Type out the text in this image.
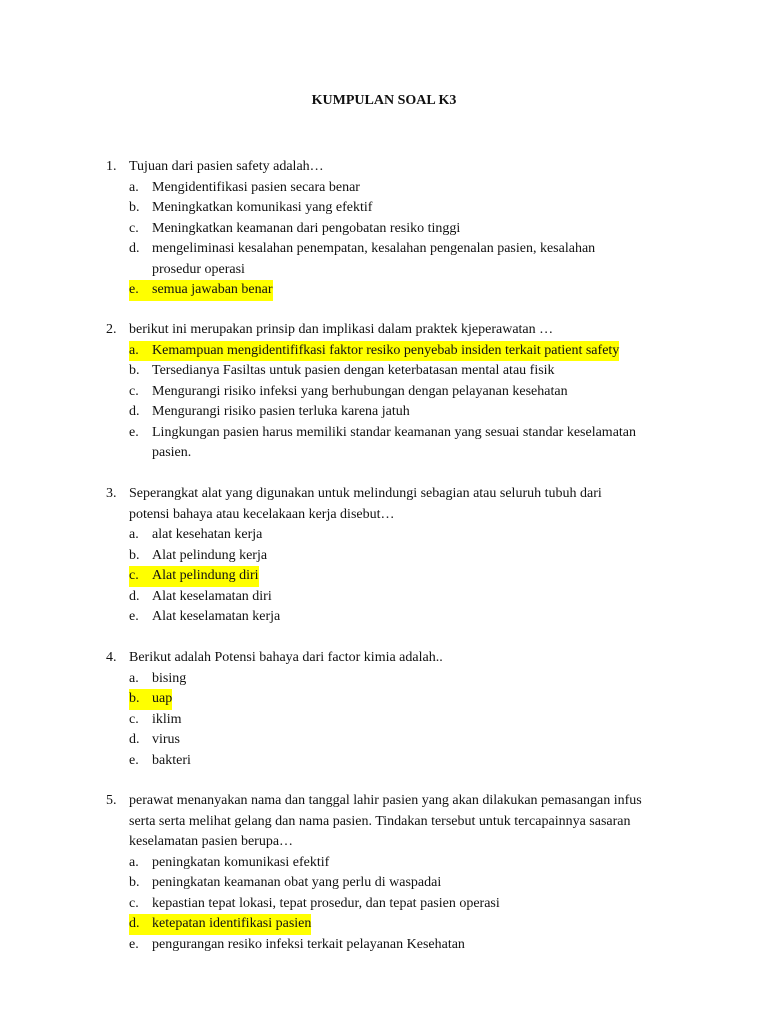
KUMPULAN SOAL K3
1. Tujuan dari pasien safety adalah…
a. Mengidentifikasi pasien secara benar
b. Meningkatkan komunikasi yang efektif
c. Meningkatkan keamanan dari pengobatan resiko tinggi
d. mengeliminasi kesalahan penempatan, kesalahan pengenalan pasien, kesalahan
prosedur operasi
e. semua jawaban benar
2. berikut ini merupakan prinsip dan implikasi dalam praktek kjeperawatan …
a. Kemampuan mengidentififkasi faktor resiko penyebab insiden terkait patient safety
b. Tersedianya Fasiltas untuk pasien dengan keterbatasan mental atau fisik
c. Mengurangi risiko infeksi yang berhubungan dengan pelayanan kesehatan
d. Mengurangi risiko pasien terluka karena jatuh
e. Lingkungan pasien harus memiliki standar keamanan yang sesuai standar keselamatan
pasien.
3. Seperangkat alat yang digunakan untuk melindungi sebagian atau seluruh tubuh dari
potensi bahaya atau kecelakaan kerja disebut…
a. alat kesehatan kerja
b. Alat pelindung kerja
c. Alat pelindung diri
d. Alat keselamatan diri
e. Alat keselamatan kerja
4. Berikut adalah Potensi bahaya dari factor kimia adalah..
a. bising
b. uap
c. iklim
d. virus
e. bakteri
5. perawat menanyakan nama dan tanggal lahir pasien yang akan dilakukan pemasangan infus
serta serta melihat gelang dan nama pasien. Tindakan tersebut untuk tercapainnya sasaran
keselamatan pasien berupa…
a. peningkatan komunikasi efektif
b. peningkatan keamanan obat yang perlu di waspadai
c. kepastian tepat lokasi, tepat prosedur, dan tepat pasien operasi
d. ketepatan identifikasi pasien
e. pengurangan resiko infeksi terkait pelayanan Kesehatan
